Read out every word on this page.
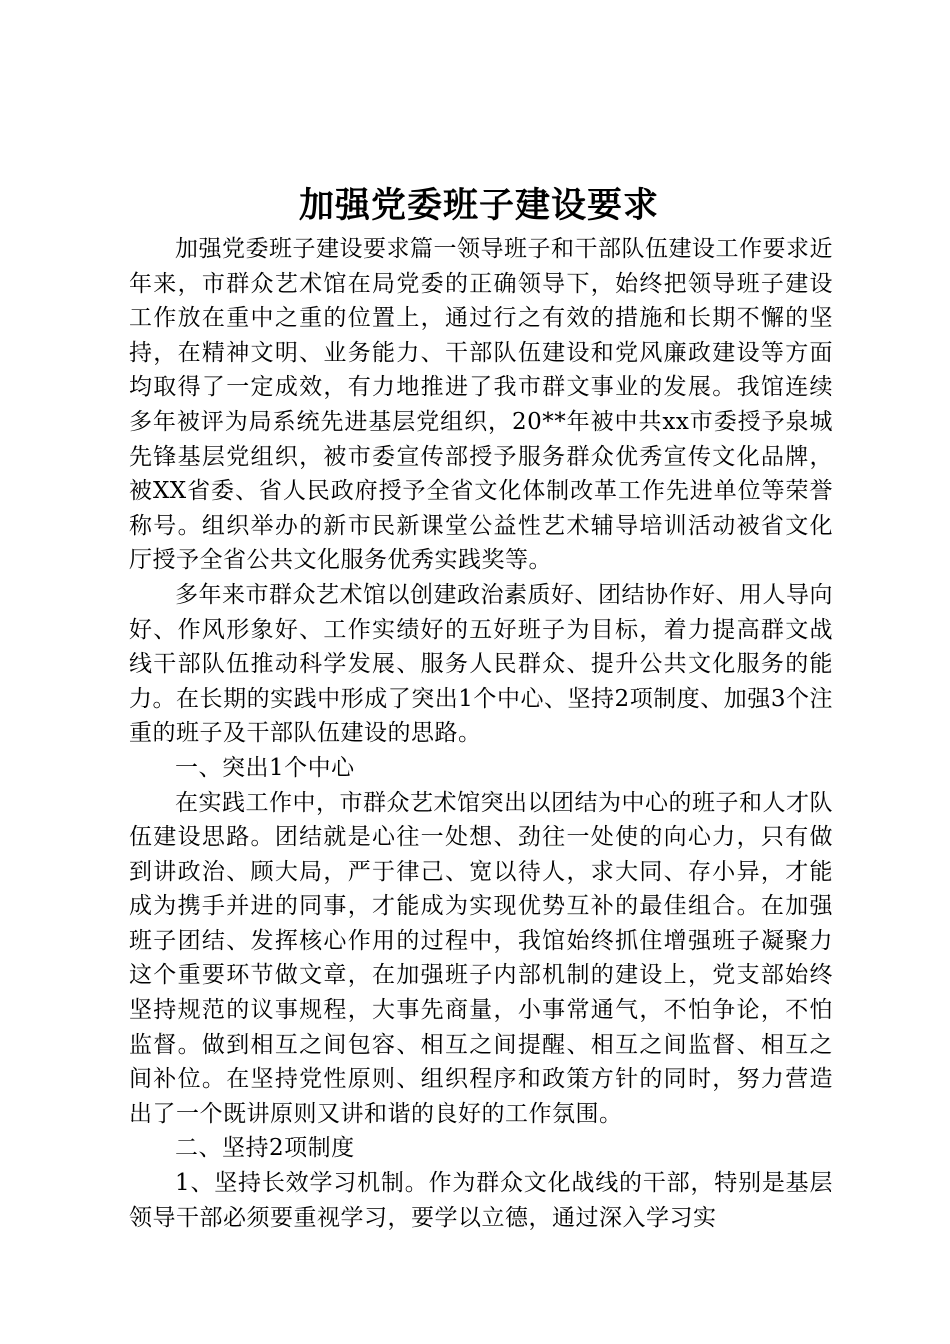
加强党委班子建设要求

加强党委班子建设要求篇一领导班子和干部队伍建设工作要求近年来，市群众艺术馆在局党委的正确领导下，始终把领导班子建设工作放在重中之重的位置上，通过行之有效的措施和长期不懈的坚持，在精神文明、业务能力、干部队伍建设和党风廉政建设等方面均取得了一定成效，有力地推进了我市群文事业的发展。我馆连续多年被评为局系统先进基层党组织，20**年被中共xx市委授予泉城先锋基层党组织，被市委宣传部授予服务群众优秀宣传文化品牌，被XX省委、省人民政府授予全省文化体制改革工作先进单位等荣誉称号。组织举办的新市民新课堂公益性艺术辅导培训活动被省文化厅授予全省公共文化服务优秀实践奖等。

多年来市群众艺术馆以创建政治素质好、团结协作好、用人导向好、作风形象好、工作实绩好的五好班子为目标，着力提高群文战线干部队伍推动科学发展、服务人民群众、提升公共文化服务的能力。在长期的实践中形成了突出1个中心、坚持2项制度、加强3个注重的班子及干部队伍建设的思路。

一、突出1个中心

在实践工作中，市群众艺术馆突出以团结为中心的班子和人才队伍建设思路。团结就是心往一处想、劲往一处使的向心力，只有做到讲政治、顾大局，严于律己、宽以待人，求大同、存小异，才能成为携手并进的同事，才能成为实现优势互补的最佳组合。在加强班子团结、发挥核心作用的过程中，我馆始终抓住增强班子凝聚力这个重要环节做文章，在加强班子内部机制的建设上，党支部始终坚持规范的议事规程，大事先商量，小事常通气，不怕争论，不怕监督。做到相互之间包容、相互之间提醒、相互之间监督、相互之间补位。在坚持党性原则、组织程序和政策方针的同时，努力营造出了一个既讲原则又讲和谐的良好的工作氛围。

二、坚持2项制度

1、坚持长效学习机制。作为群众文化战线的干部，特别是基层领导干部必须要重视学习，要学以立德，通过深入学习实
